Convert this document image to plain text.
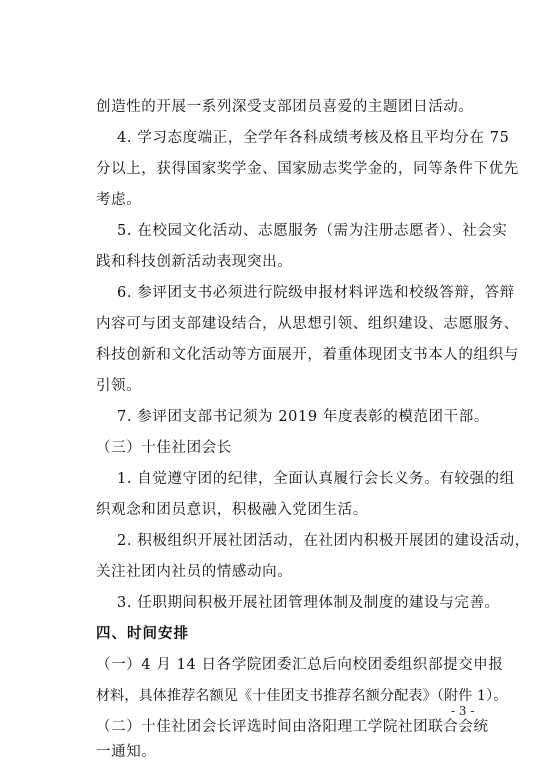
创造性的开展一系列深受支部团员喜爱的主题团日活动。
4. 学习态度端正，全学年各科成绩考核及格且平均分在 75
分以上，获得国家奖学金、国家励志奖学金的，同等条件下优先
考虑。
5. 在校园文化活动、志愿服务（需为注册志愿者）、社会实
践和科技创新活动表现突出。
6. 参评团支书必须进行院级申报材料评选和校级答辩，答辩
内容可与团支部建设结合，从思想引领、组织建设、志愿服务、
科技创新和文化活动等方面展开，着重体现团支书本人的组织与
引领。
7. 参评团支部书记须为 2019 年度表彰的模范团干部。
（三）十佳社团会长
1. 自觉遵守团的纪律，全面认真履行会长义务。有较强的组
织观念和团员意识，积极融入党团生活。
2. 积极组织开展社团活动，在社团内积极开展团的建设活动，
关注社团内社员的情感动向。
3. 任职期间积极开展社团管理体制及制度的建设与完善。
四、时间安排
（一）4 月 14 日各学院团委汇总后向校团委组织部提交申报
材料，具体推荐名额见《十佳团支书推荐名额分配表》（附件 1）。
（二）十佳社团会长评选时间由洛阳理工学院社团联合会统
一通知。
- 3 -
